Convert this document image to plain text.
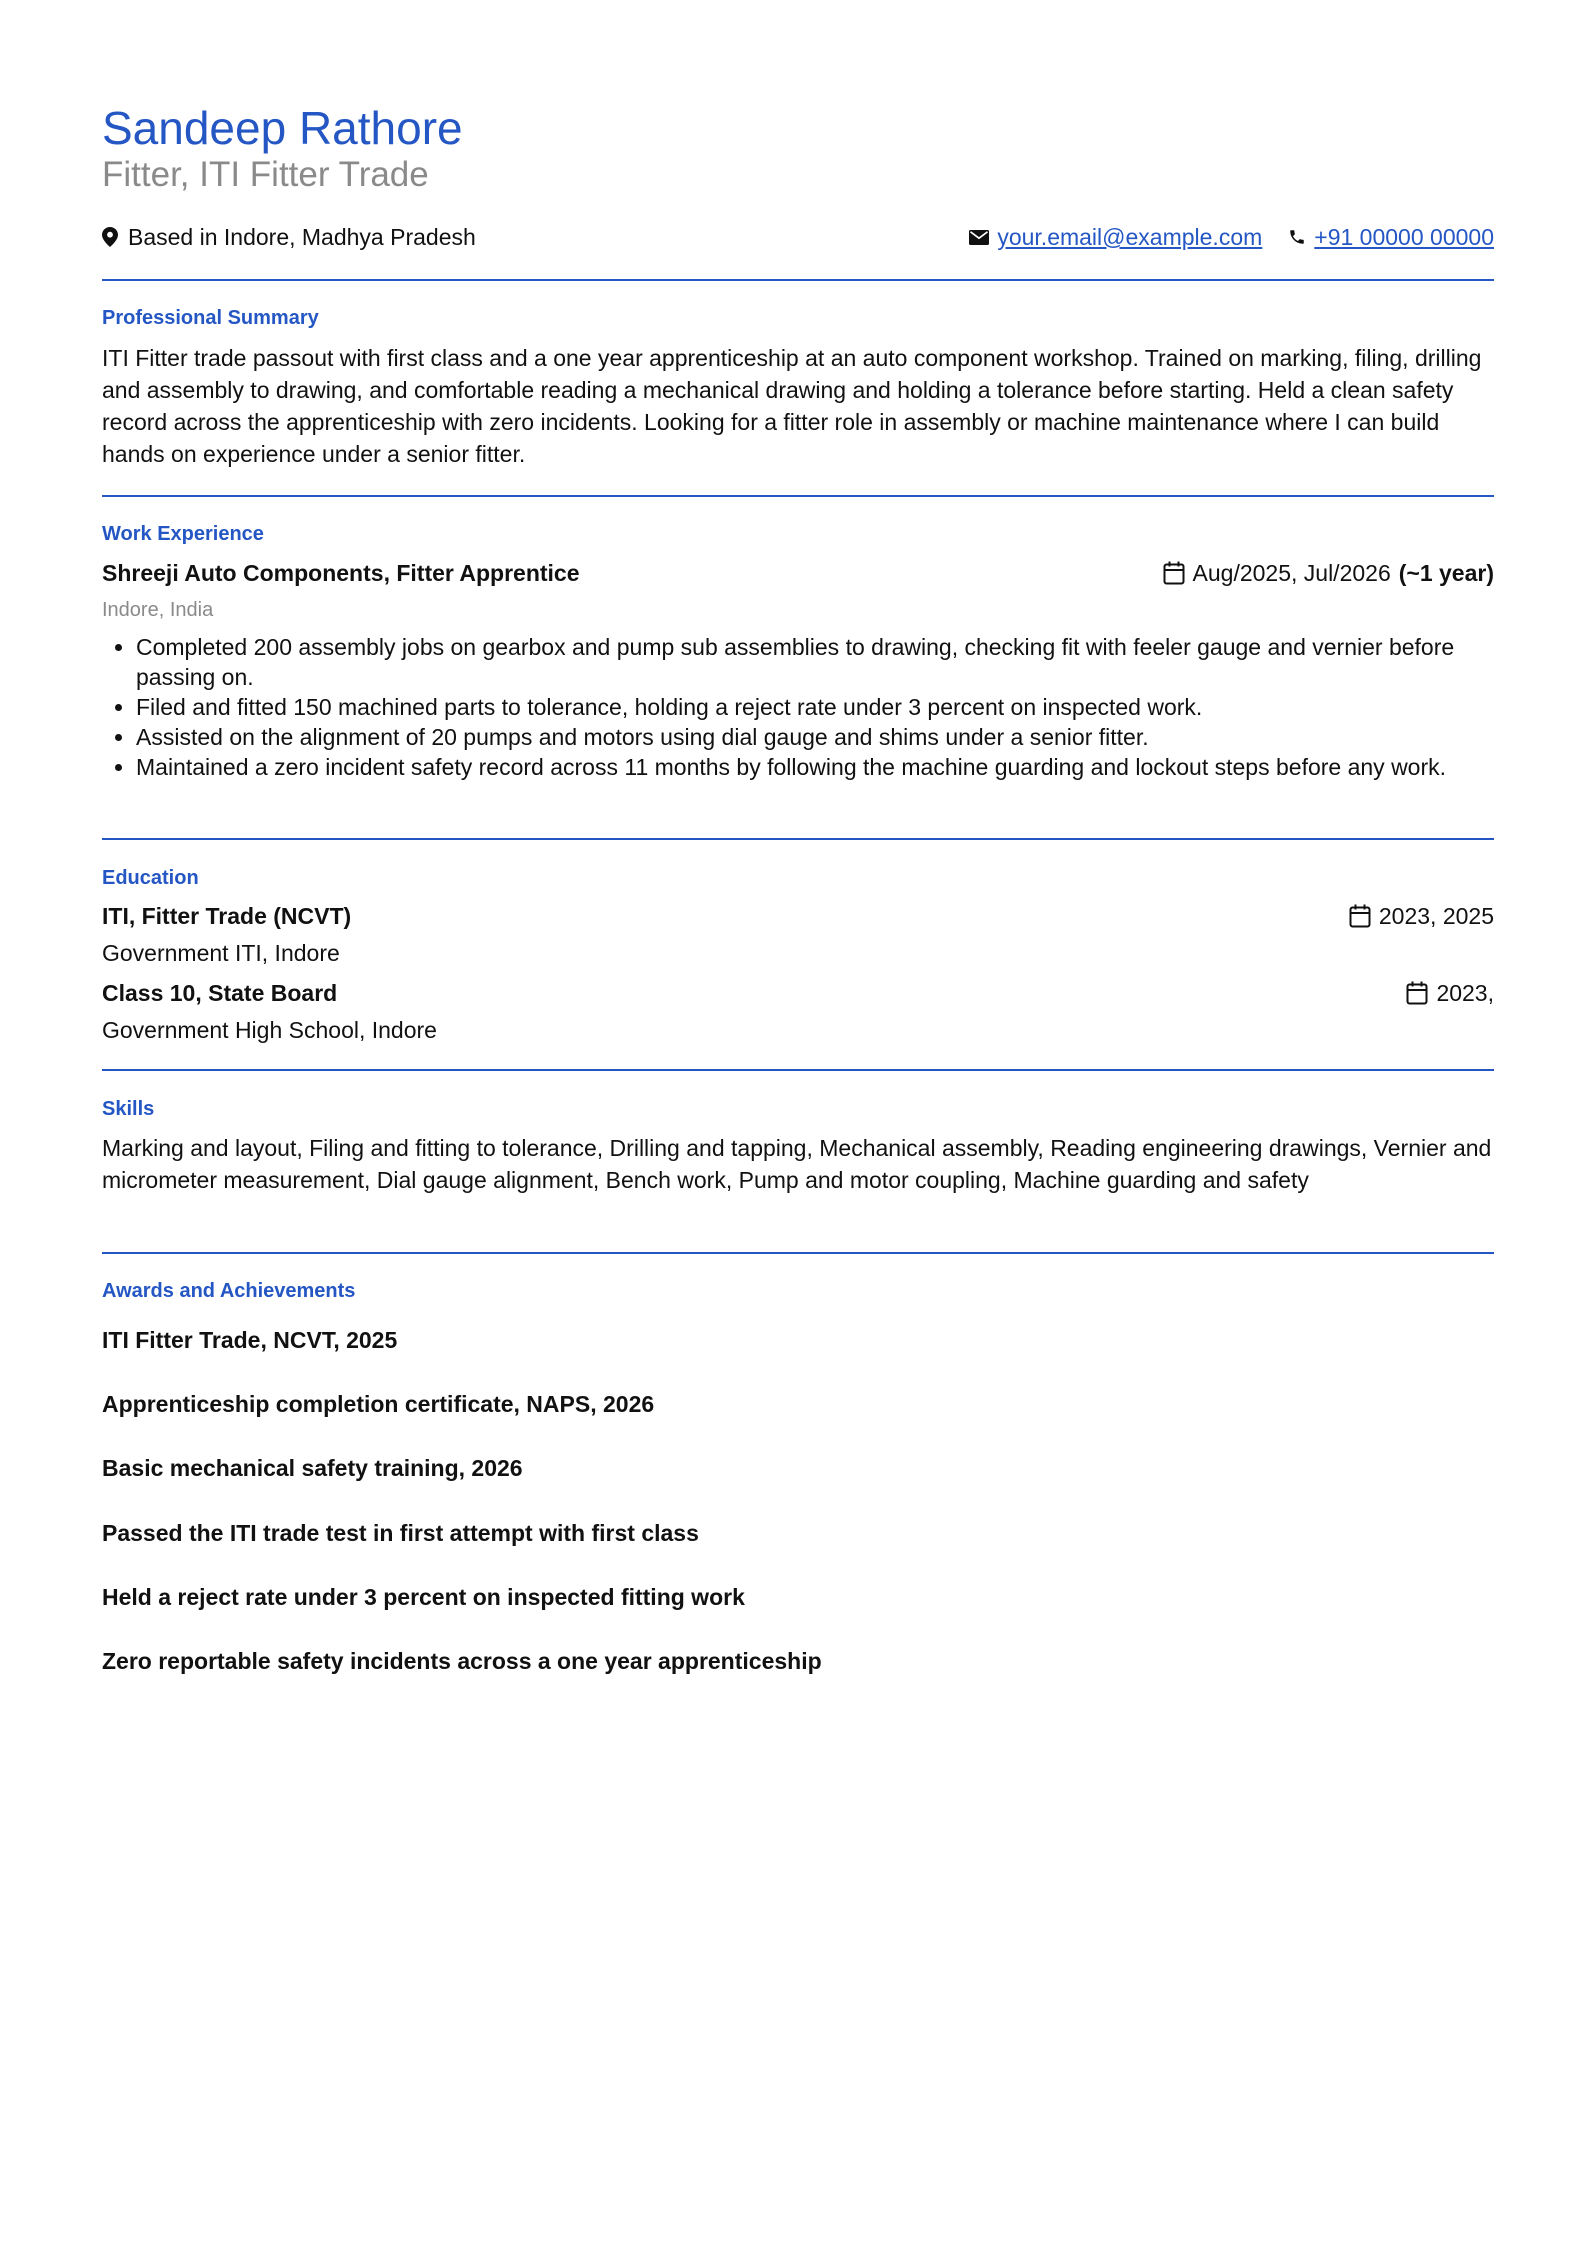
Sandeep Rathore
Fitter, ITI Fitter Trade
Based in Indore, Madhya Pradesh	your.email@example.com +91 00000 00000
Professional Summary

ITI Fitter trade passout with first class and a one year apprenticeship at an auto component workshop. Trained on marking, filing, drilling and assembly to drawing, and comfortable reading a mechanical drawing and holding a tolerance before starting. Held a clean safety record across the apprenticeship with zero incidents. Looking for a fitter role in assembly or machine maintenance where I can build hands on experience under a senior fitter.

Work Experience
Shreeji Auto Components, Fitter Apprentice	Aug/2025, Jul/2026 (~1 year)
Indore, India
• Completed 200 assembly jobs on gearbox and pump sub assemblies to drawing, checking fit with feeler gauge and vernier before passing on.
• Filed and fitted 150 machined parts to tolerance, holding a reject rate under 3 percent on inspected work.
• Assisted on the alignment of 20 pumps and motors using dial gauge and shims under a senior fitter.
• Maintained a zero incident safety record across 11 months by following the machine guarding and lockout steps before any work.
Education
ITI, Fitter Trade (NCVT)	2023, 2025
Government ITI, Indore
Class 10, State Board	2023,
Government High School, Indore
Skills

Marking and layout, Filing and fitting to tolerance, Drilling and tapping, Mechanical assembly, Reading engineering drawings, Vernier and micrometer measurement, Dial gauge alignment, Bench work, Pump and motor coupling, Machine guarding and safety

Awards and Achievements
ITI Fitter Trade, NCVT, 2025
Apprenticeship completion certificate, NAPS, 2026
Basic mechanical safety training, 2026
Passed the ITI trade test in first attempt with first class
Held a reject rate under 3 percent on inspected fitting work
Zero reportable safety incidents across a one year apprenticeship
